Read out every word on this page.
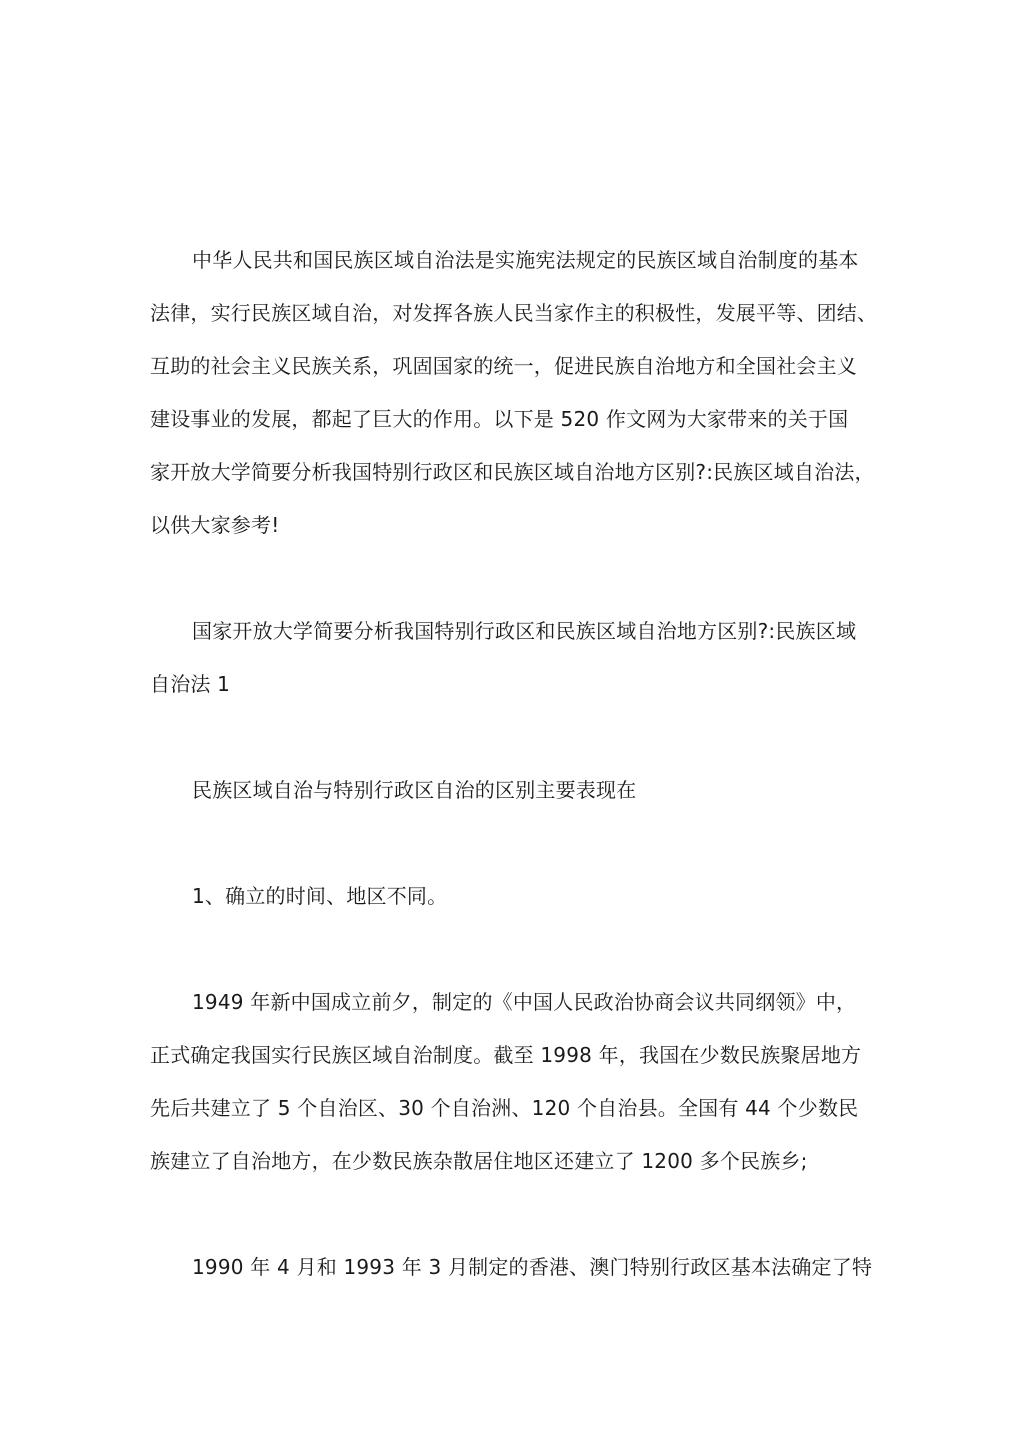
中华人民共和国民族区域自治法是实施宪法规定的民族区域自治制度的基本
法律，实行民族区域自治，对发挥各族人民当家作主的积极性，发展平等、团结、
互助的社会主义民族关系，巩固国家的统一，促进民族自治地方和全国社会主义
建设事业的发展，都起了巨大的作用。以下是 520 作文网为大家带来的关于国
家开放大学简要分析我国特别行政区和民族区域自治地方区别?:民族区域自治法，
以供大家参考!
国家开放大学简要分析我国特别行政区和民族区域自治地方区别?:民族区域
自治法 1
民族区域自治与特别行政区自治的区别主要表现在
1、确立的时间、地区不同。
1949 年新中国成立前夕，制定的《中国人民政治协商会议共同纲领》中，
正式确定我国实行民族区域自治制度。截至 1998 年，我国在少数民族聚居地方
先后共建立了 5 个自治区、30 个自治洲、120 个自治县。全国有 44 个少数民
族建立了自治地方，在少数民族杂散居住地区还建立了 1200 多个民族乡;
1990 年 4 月和 1993 年 3 月制定的香港、澳门特别行政区基本法确定了特
